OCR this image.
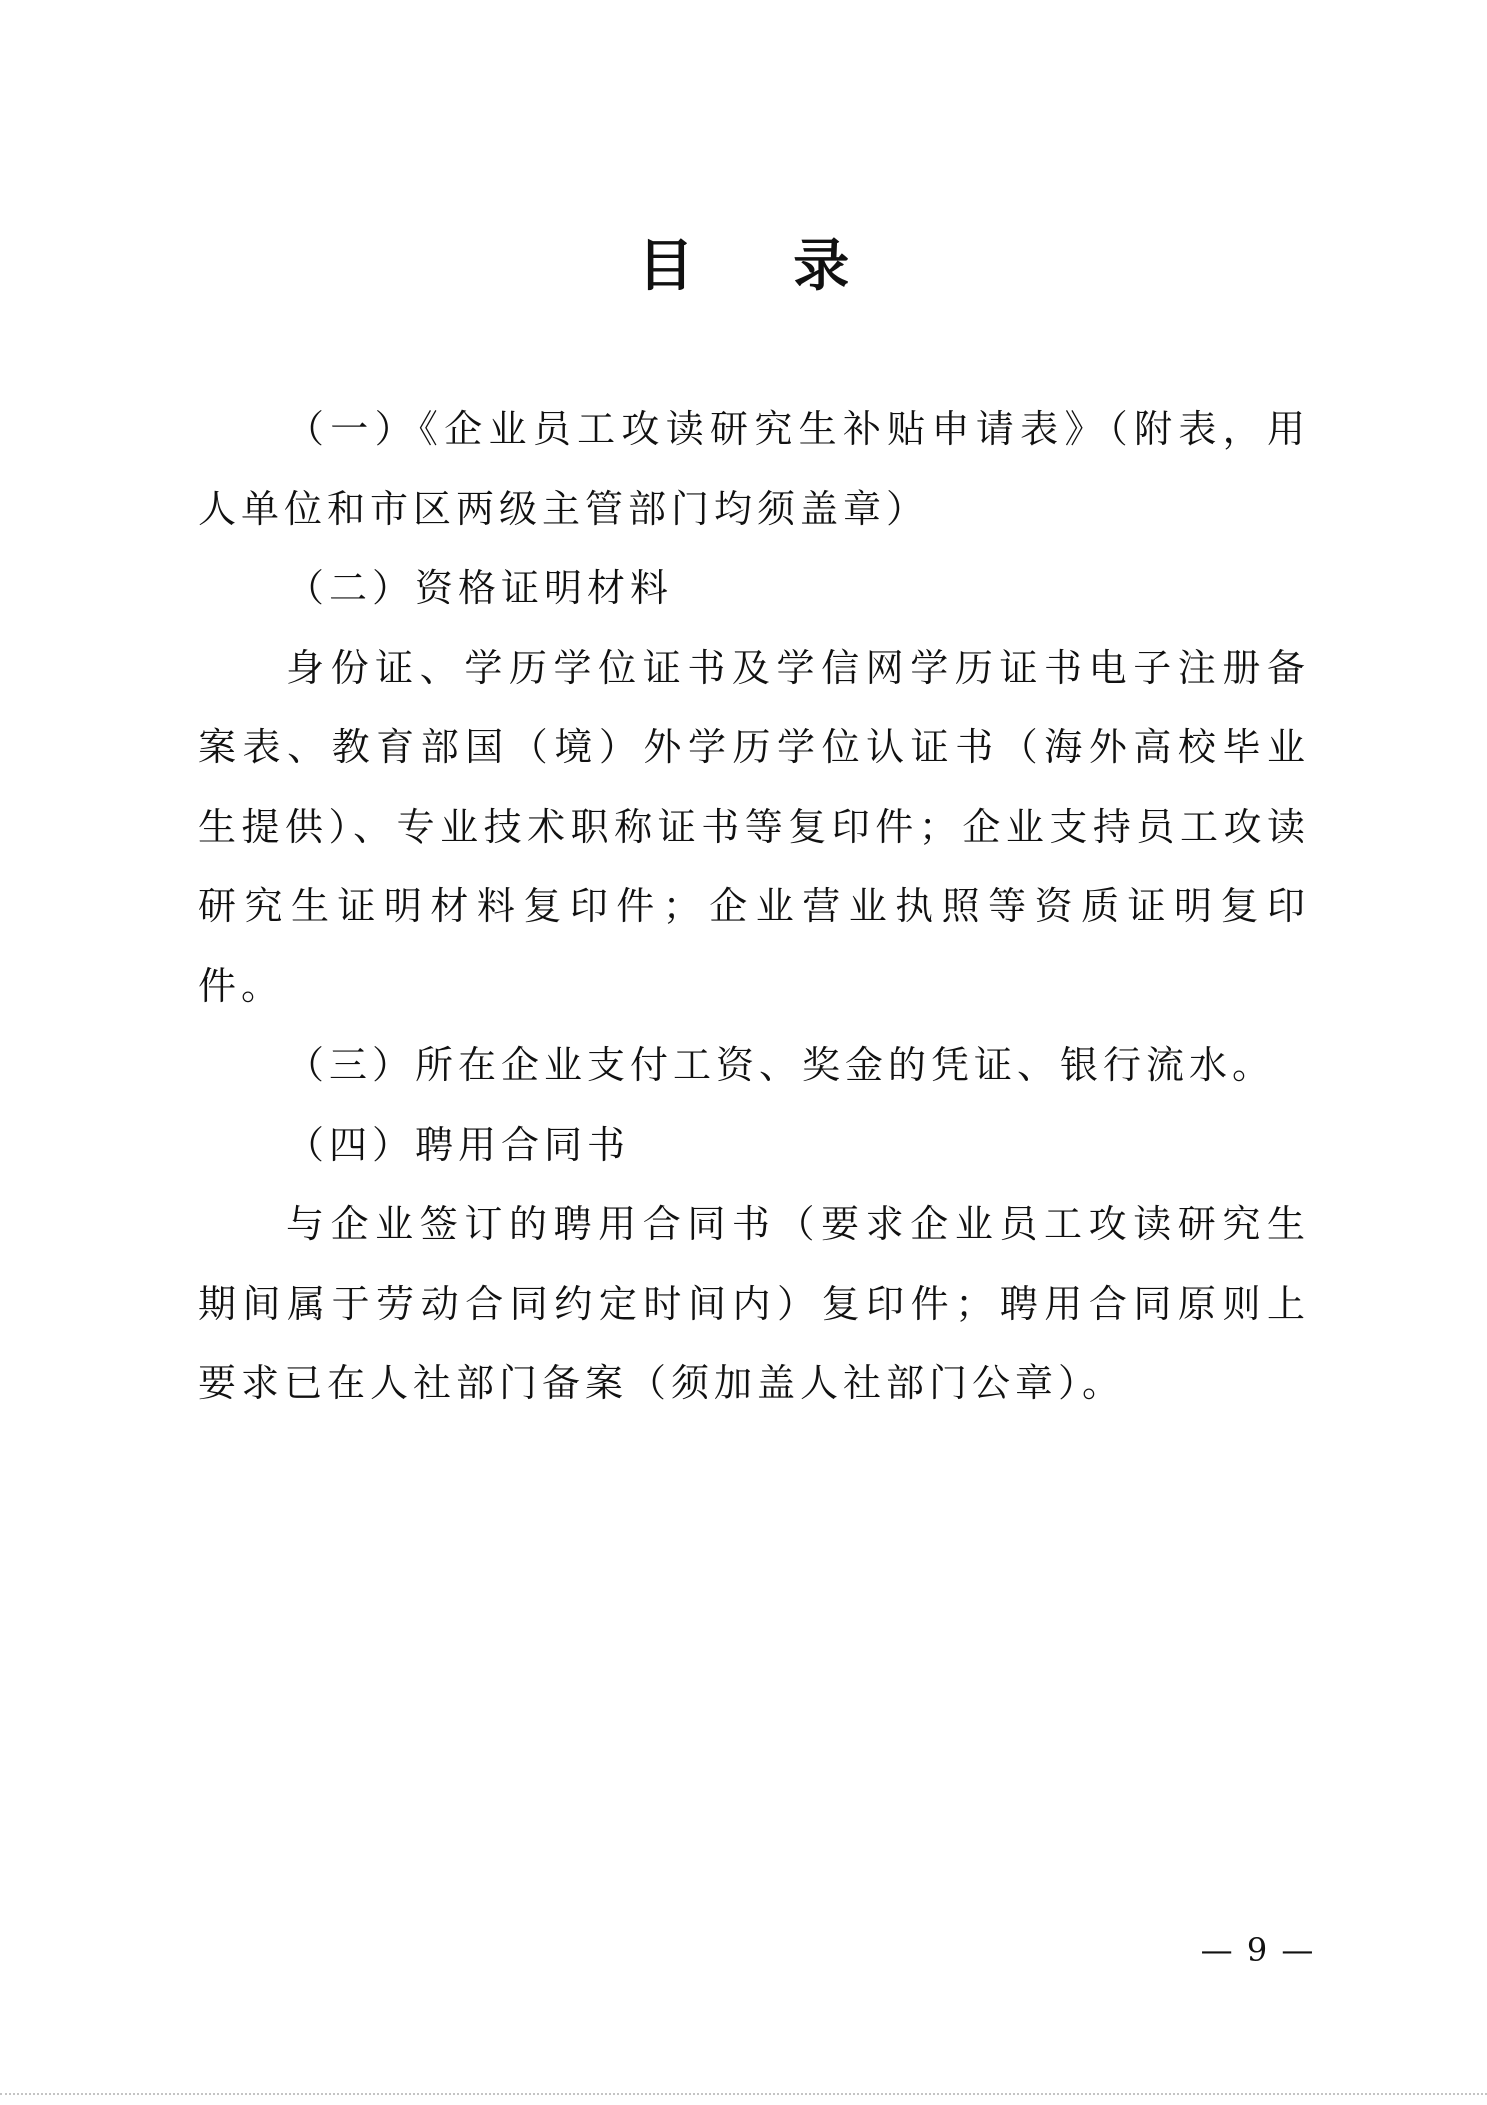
目 录

（一）《企业员工攻读研究生补贴申请表》（附表，用人单位和市区两级主管部门均须盖章）

（二）资格证明材料

身份证、学历学位证书及学信网学历证书电子注册备案表、教育部国（境）外学历学位认证书（海外高校毕业生提供）、专业技术职称证书等复印件；企业支持员工攻读研究生证明材料复印件；企业营业执照等资质证明复印件。

（三）所在企业支付工资、奖金的凭证、银行流水。

（四）聘用合同书

与企业签订的聘用合同书（要求企业员工攻读研究生期间属于劳动合同约定时间内）复印件；聘用合同原则上要求已在人社部门备案（须加盖人社部门公章）。

— 9 —
